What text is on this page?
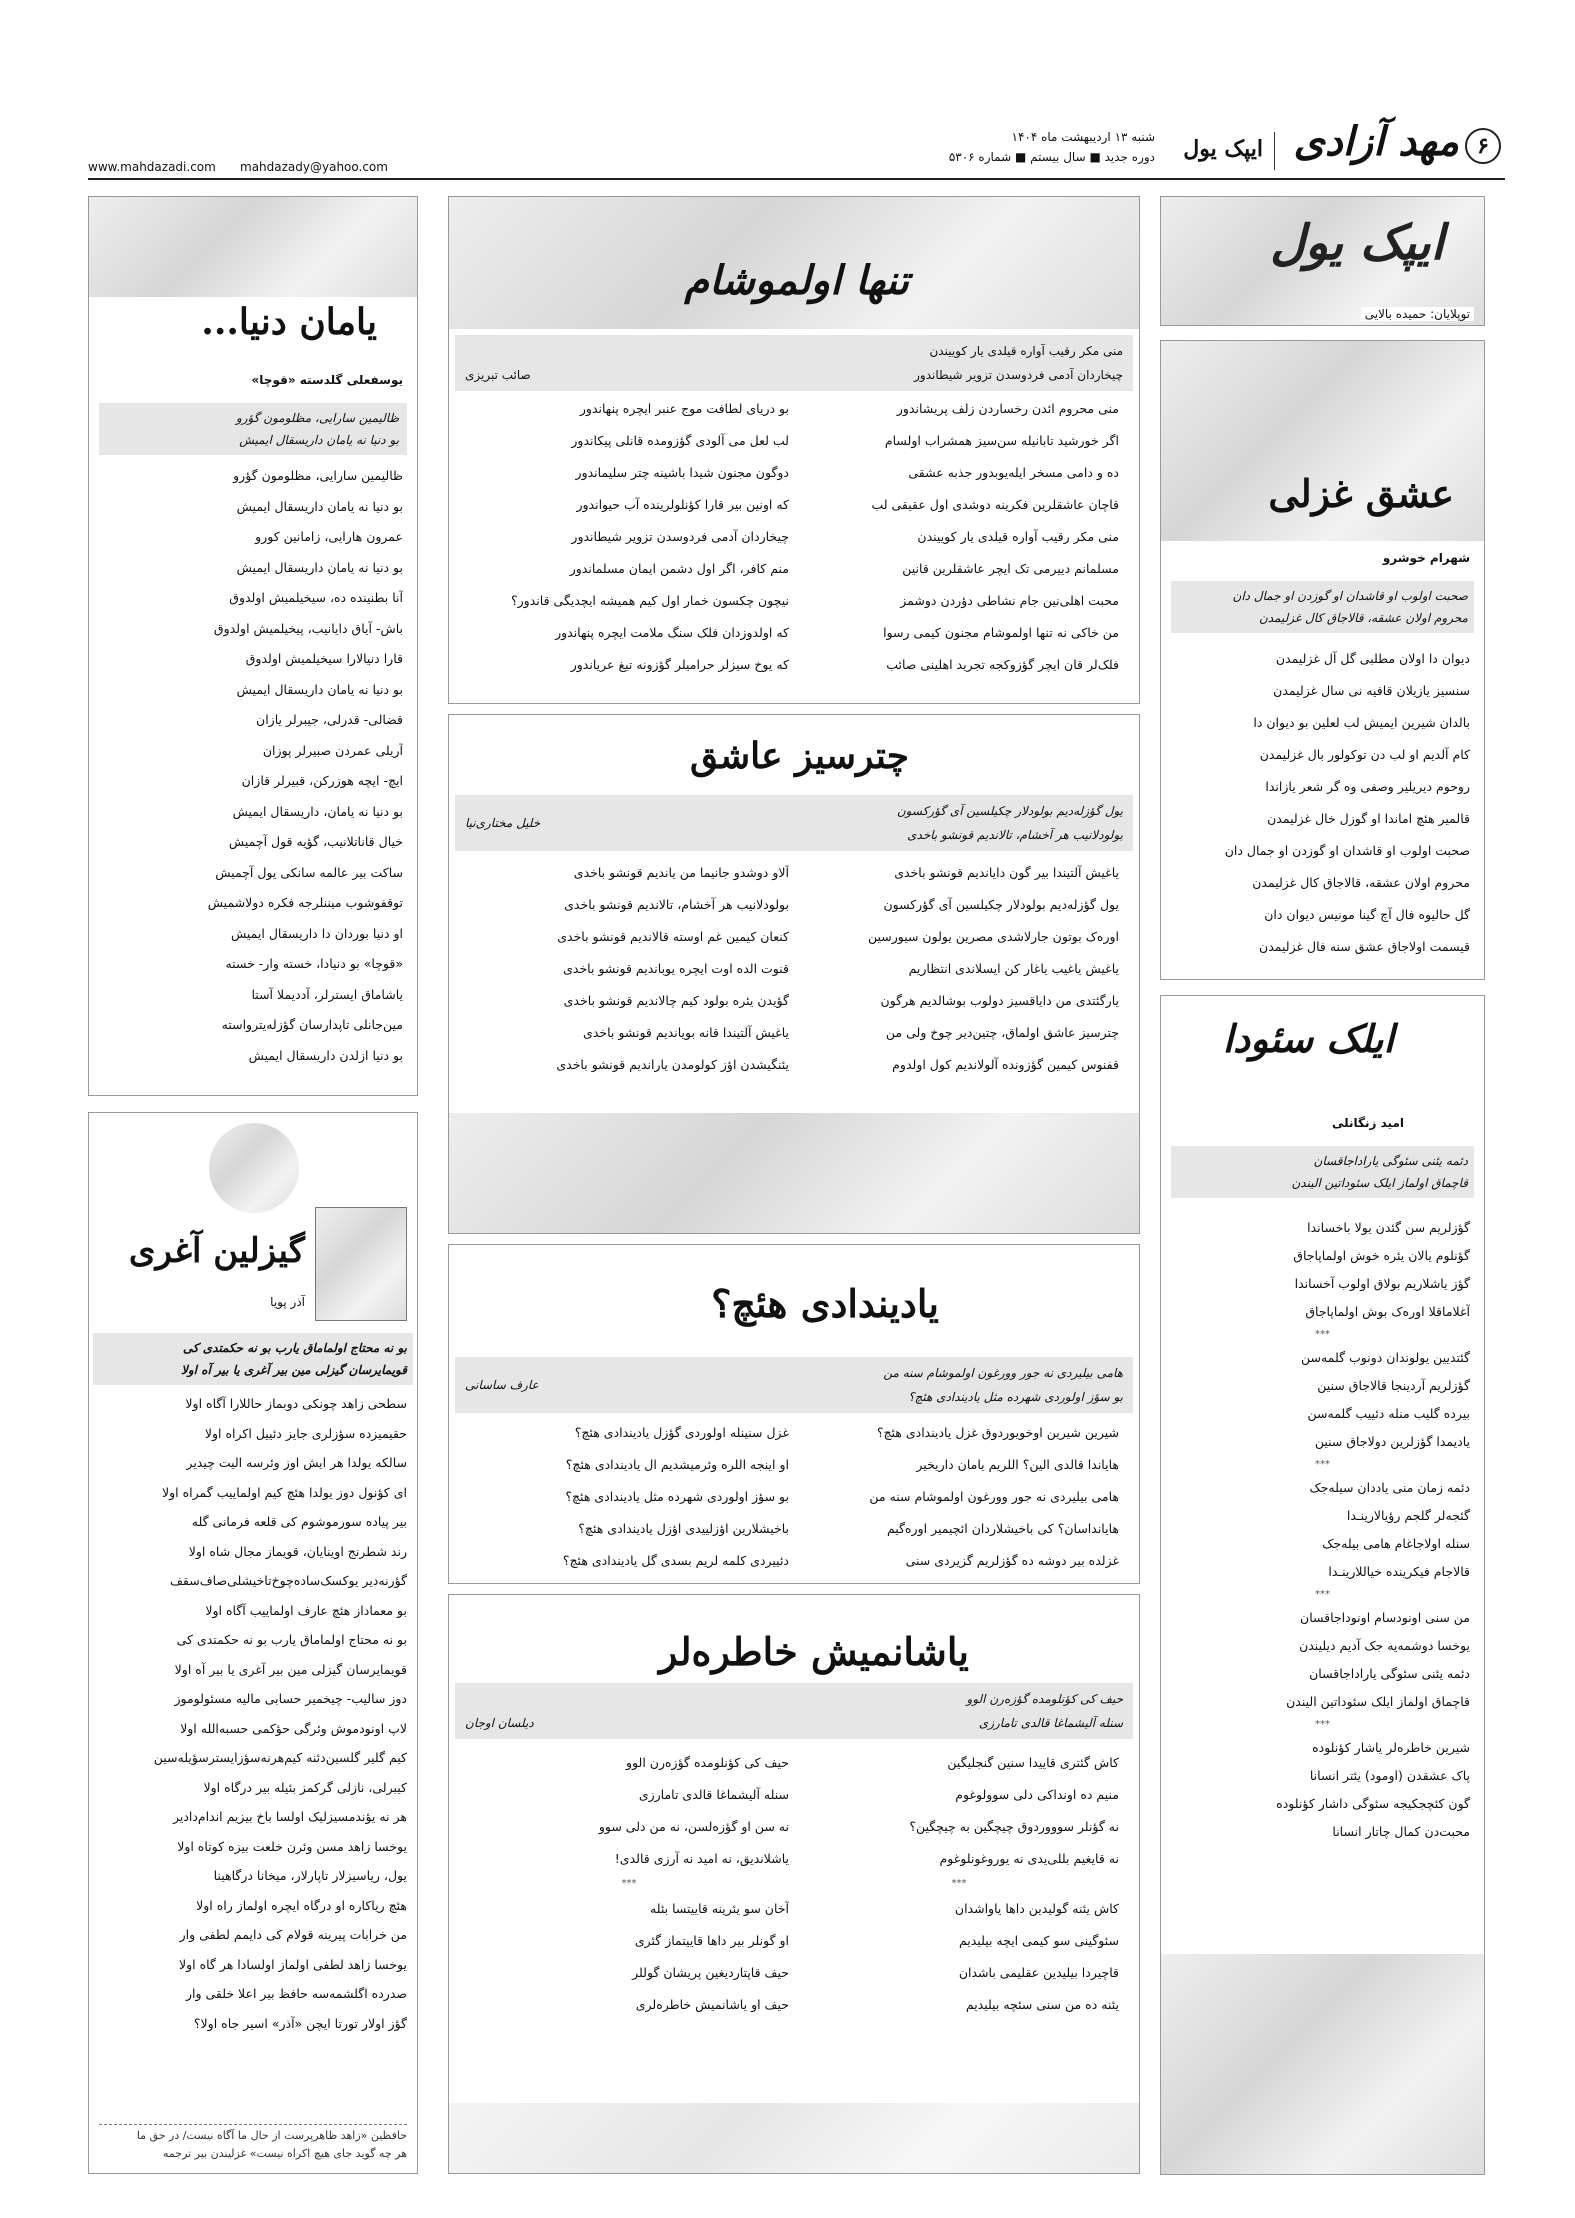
۶
مهد آزادی
ایپک یول
شنبه ۱۳ اردیبهشت ماه ۱۴۰۴
دوره جدید ■ سال بیستم ■ شماره ۵۳۰۶
www.mahdazadi.com mahdazady@yahoo.com
ایپک یول
توپلایان: حمیده بالایی
عشق غزلی
شهرام خوشرو
صحبت اولوب او قاشدان او گوزدن او جمال دان
محروم اولان عشقه، قالاجاق کال غزلیمدن
دیوان دا اولان مطلبی گل آل غزلیمدن
سنسیز یازیلان قافیه نی سال غزلیمدن
بالدان شیرین ایمیش لب لعلین بو دیوان دا
کام آلدیم او لب دن توکولور بال غزلیمدن
روحوم دیریلیر وصفی وه گر شعر یازاندا
قالمیر هئچ اماندا او گوزل خال غزلیمدن
صحبت اولوب او قاشدان او گوزدن او جمال دان
محروم اولان عشقه، قالاجاق کال غزلیمدن
گل حالیوه فال آچ گینا مونیس دیوان دان
قیسمت اولاجاق عشق سنه فال غزلیمدن
ایلک سئودا
امید زنگانلی
دئمه یئنی سئوگی یاراداجاقسان
قاچماق اولماز ایلک سئوداتین الیندن
گؤزلریم سن گئدن یولا باخساندا
گؤنلوم یالان یئره خوش اولماپاجاق
گؤز یاشلاریم بولاق اولوب آخساندا
آغلاماقلا اوره‌ک بوش اولماپاجاق
***
گئتدیین یولوندان دونوب گلمه‌سن
گؤزلریم آردینجا قالاجاق سنین
بیرده گلیب منله دئییب گلمه‌سن
یادیمدا گؤزلرین دولاجاق سنین
***
دئمه زمان منی یاددان سیله‌جک
گئجه‌لر گلجم رؤیالارینـدا
سنله اولاجاغام هامی بیله‌جک
قالاجام فیکرینده خیاللارینـدا
***
من سنی اونودسام اونوداجاقسان
یوخسا دوشمه‌یه جک آدیم دیلیندن
دئمه یئنی سئوگی یاراداجاقسان
قاچماق اولماز ایلک سئوداتین الیندن
***
شیرین خاطره‌لر یاشار کؤنلوده
پاک عشقدن (اومود) یئتر انسانا
گون کئچجکیجه سئوگی داشار کؤنلوده
محبت‌دن کمال چاتار انسانا
تنها اولموشام
منی مکر رقیب آواره قیلدی یار کوییندن
چیخاردان آدمی فردوسدن تزویر شیطاندور
صائب تبریزی
منی محروم ائدن رخساردن زلف پریشاندور
اگر خورشید تابانیله سن‌سیز همشراب اولسام
ده و دامی مسخر ایله‌یوبدور جذبه عشقی
قاچان عاشقلرین فکرینه دوشدی اول عقیقی لب
منی مکر رقیب آواره قیلدی یار کوییندن
مسلمانم دییرمی تک ایچر عاشقلرین قانین
محبت اهلی‌نین جام نشاطی دؤردن دوشمز
من خاکی نه تنها اولموشام مجنون کیمی رسوا
فلک‌لر قان ایچر گؤزوکجه تجرید اهلینی صائب
بو دریای لطافت موج عنبر ایچره پنهاندور
لب لعل می آلودی گؤزومده قانلی پیکاندور
دوگون مجنون شیدا باشینه چتر سلیماندور
که اونین بیر قارا کؤنلولرینده آب حیواندور
چیخاردان آدمی فردوسدن تزویر شیطاندور
منم کافر، اگر اول دشمن ایمان مسلماندور
نیچون چکسون خمار اول کیم همیشه‌ ایچدیگی قاندور؟
که اولدوزدان فلک سنگ ملامت ایچره پنهاندور
که یوخ سیزلر حرامیلر گؤزونه تیغ عریاندور
چترسیز عاشق
یول گؤزله‌دیم بولودلار چکیلسین آی گؤرکسون
بولودلانیب هر آخشام، تالاندیم قونشو باخدی
خلیل مختاری‌نیا
یاغیش آلتیندا بیر گون دایاندیم قونشو باخدی
یول گؤزله‌دیم بولودلار چکیلسین آی گؤرکسون
اوره‌ک بوتون جارلاشدی مصرین یولون سیورسین
یاغیش یاغیب یاغار کن ایسلاندی انتظاریم
یارگئتدی من دایاقسیز دولوب بوشالدیم هرگون
چترسیز عاشق اولماق، چتین‌دیر چوخ ولی من
قفنوس کیمین گؤزونده آلولاندیم کول اولدوم
آلاو دوشدو جانیما من یاندیم قونشو باخدی
بولودلانیب هر آخشام، تالاندیم قونشو باخدی
کنعان کیمین غم اوسته قالاندیم قونشو باخدی
قنوت الده اوت ایچره یوباندیم قونشو باخدی
گؤیدن یئره بولود کیم چالاندیم قونشو باخدی
یاغیش آلتیندا قانه بویاندیم قونشو باخدی
یئنگیشدن اؤز کولومدن یاراندیم قونشو باخدی
یادیندادی هئچ؟
هامی بیلیردی نه جور وورغون اولموشام سنه من
بو سؤز اولوردی شهرده مثل یادیندادی هئچ؟
عارف ساسانی
شیرین شیرین اوخویوردوق غزل یادیندادی هئچ؟
هایاندا قالدی الین؟ اللریم یامان داریخیر
هامی بیلیردی نه جور وورغون اولموشام سنه من
هایانداسان؟ کی باخیشلاردان ائچیمیر اوره‌گیم
غزلده بیر دوشه ده گؤزلریم گزیردی سنی
غزل سنینله اولوردی گؤزل یادیندادی هئچ؟
او اینجه اللره وئرمیشدیم ال یادیندادی هئچ؟
بو سؤز اولوردی شهرده مثل یادیندادی هئچ؟
باخیشلارین اؤزلییدی اؤزل یادیندادی هئچ؟
دئییردی کلمه لریم بسدی گل یادیندادی هئچ؟
یاشانمیش خاطره‌لر
حیف کی کؤنلومده گؤزه‌رن الوو
سنله آلیشماغا قالدی تامارزی
دیلسان اوجان
کاش گئتری قاییدا سنین گنجلیگین
منیم ده اونداکی دلی سوولوغوم
نه گؤنلر سوووردوق چیچگین به چیچگین؟
نه قایغیم بللی‌یدی نه یوروغونلوغوم
***
کاش یئنه گولیدین داها یاواشدان
سئوگینی سو کیمی ایچه بیلیدیم
قاچیردا بیلیدین عقلیمی باشدان
یئنه ده من سنی سئچه بیلیدیم
حیف کی کؤنلومده گؤزه‌رن الوو
سنله آلیشماغا قالدی تامارزی
نه سن او گؤزه‌لسن، نه من دلی سوو
یاشلاندیق، نه امید نه آرزی قالدی!
***
آخان سو یئرینه قاییتسا بئله
او گونلر بیر داها قاییتماز گئری
حیف قاپتاردیغین پریشان گوللر
حیف او یاشانمیش خاطره‌لری
یامان دنیا...
یوسفعلی گلدسته «قوچا»
ظالیمین سارایی، مظلومون گؤرو
بو دنیا نه یامان داریسقال ایمیش
ظالیمین سارایی، مظلومون گؤرو
بو دنیا نه یامان داریسقال ایمیش
عمرون هارایی، زامانین کورو
بو دنیا نه یامان داریسقال ایمیش
آنا بطنینده ده، سیخیلمیش اولدوق
باش- آیاق دایانیب، پیخیلمیش اولدوق
قارا دنیالارا سیخیلمیش اولدوق
بو دنیا نه یامان داریسقال ایمیش
قضالی- قدرلی، جیبرلر یازان
آریلی عمردن صبیرلر پوزان
ایچ- ایچه هوزرکن، قبیرلر قازان
بو دنیا نه یامان، داریسقال ایمیش
خیال قاناتلانیب، گؤیه قول آچمیش
ساکت بیر عالمه سانکی یول آچمیش
توقفوشوب میننلرجه فکره دولاشمیش
او دنیا بوردان دا داریسقال ایمیش
«قوچا» بو دنیادا، خسته وار- خسته
یاشاماق ایسترلر، آددیملا آستا
مین‌جانلی تاپدارسان گؤزله‌یترواسته
بو دنیا ازلدن داریسقال ایمیش
گیزلین آغری
آذر پویا
بو نه محتاج اولماماق یارب بو نه حکمتدی کی
قویمایرسان گیزلی مین بیر آغری یا بیر آه اولا
سطحی زاهد چونکی دوبماز حاللارا آگاه اولا
حقیمیزده سؤزلری جایز دئییل اکراه اولا
سالکه یولدا هر ایش اوز وئرسه الیت چیدیر
ای کؤنول دوز یولدا هئچ کیم اولماییب گمراه اولا
بیر پیاده سورموشوم کی قلعه فرمانی گله
رند شطرنج اوینایان، قویماز مجال شاه اولا
گؤرنه‌دیر یوکسک‌ساده‌چوخ‌تاخیشلی‌صاف‌سقف
بو معماداز هئچ عارف اولماییب آگاه اولا
بو نه محتاج اولماماق یارب بو نه حکمتدی کی
قویمایرسان گیزلی مین بیر آغری یا بیر آه اولا
دوز سالیب- چیخمیر حسابی مالیه مسئولوموز
لاپ اونودموش وئرگی حؤکمی حسبه‌الله اولا
کیم گلیر گلسین‌دئنه کیم‌هرنه‌سؤزایسترسؤیله‌سین
کیبرلی، نازلی گرکمز بئیله بیر درگاه اولا
هر نه یؤندمسیزلیک اولسا باخ بیزیم اندام‌دادیر
یوخسا زاهد مسن وئرن خلعت بیزه کوتاه اولا
یول، ریاسیزلار تاپارلار، میخانا درگاهینا
هئچ ریاکاره او درگاه ایچره اولماز راه اولا
من خرابات پیرینه قولام کی دایمم لطفی وار
یوخسا زاهد لطفی اولماز اولسادا هر گاه اولا
صدرده اگلشمه‌سه حافظ بیر اعلا خلقی وار
گؤز اولار تورتا ایچن «آذر» اسیر جاه اولا؟
حافظین «زاهد ظاهرپرست از حال ما آگاه نیست/ در حق ما
هر چه گوید جای هیچ اکراه نیست» غزلیندن بیر ترجمه
